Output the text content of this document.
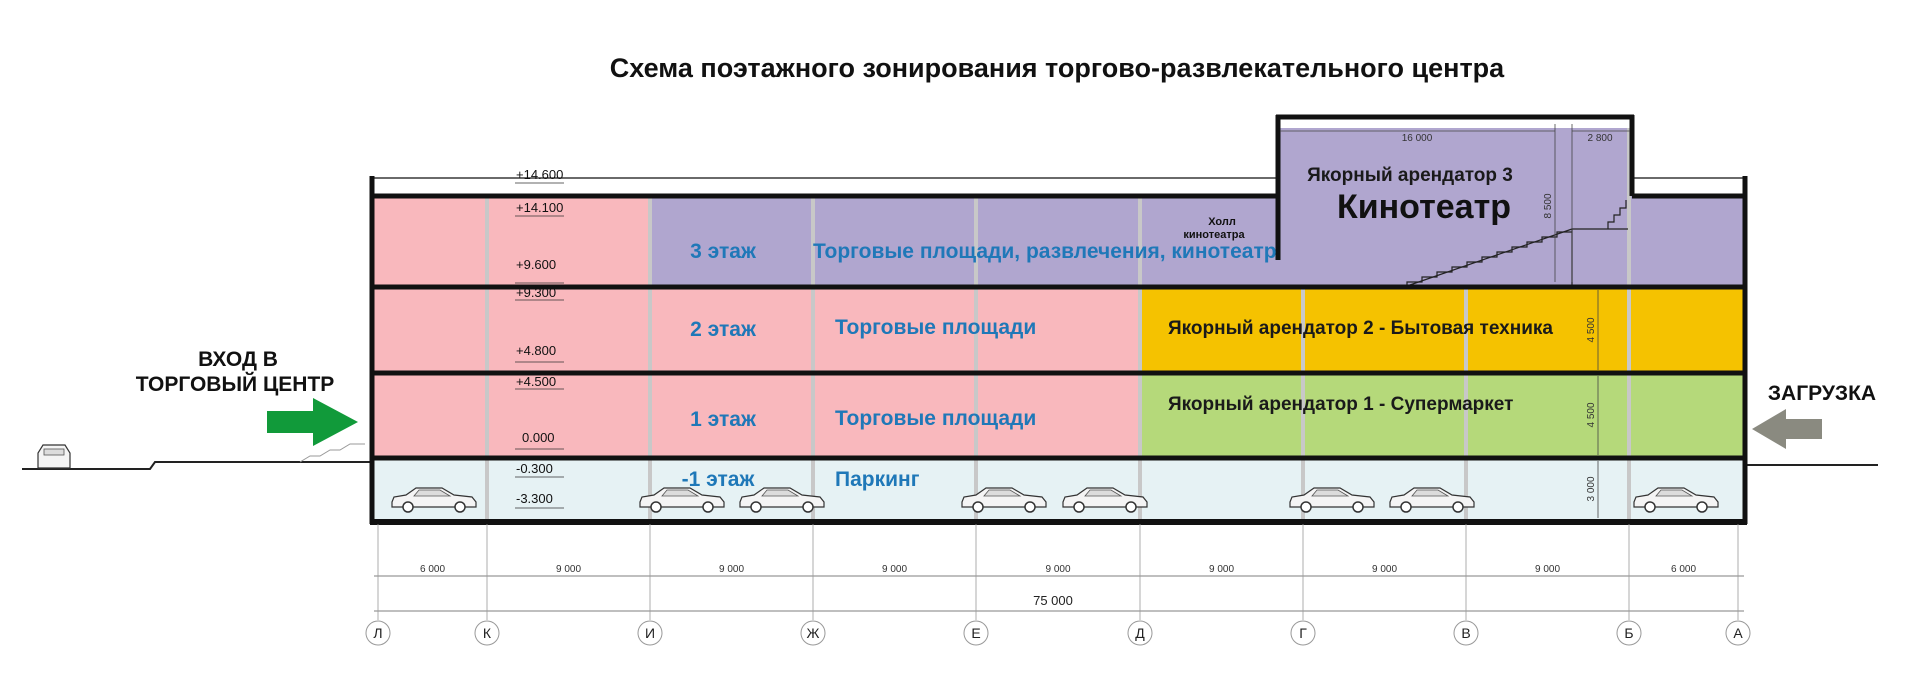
Схема поэтажного зонирования торгово-развлекательного центра
16 000	2 800
8 500
4 500
4 500
3 000
+14.600
+14.100
+9.600
+9.300
+4.800
+4.500
0.000
-0.300
-3.300
3 этаж	Торговые площади, развлечения, кинотеатр
2 этаж	Торговые площади
1 этаж	Торговые площади
-1 этаж	Паркинг
Якорный арендатор 3
Кинотеатр
Холл
кинотеатра
Якорный арендатор 2 - Бытовая техника
Якорный арендатор 1 - Супермаркет
ВХОД В
ТОРГОВЫЙ ЦЕНТР	ЗАГРУЗКА
6 000	9 000	9 000	9 000	9 000	9 000	9 000	9 000	6 000
75 000
Л	К	И	Ж	Е	Д	Г	В	Б	А
